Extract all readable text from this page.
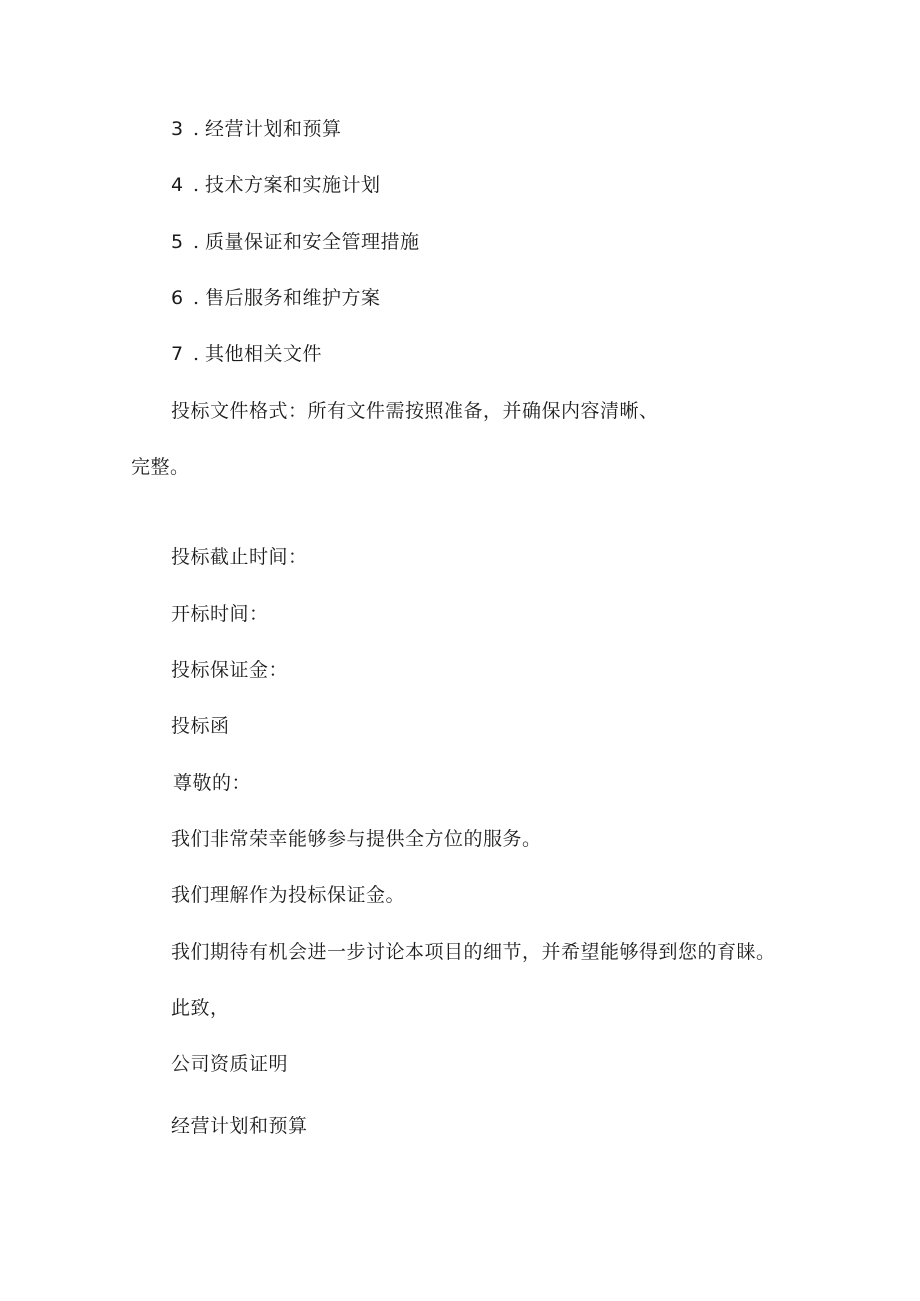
3 . 经营计划和预算
4 . 技术方案和实施计划
5 . 质量保证和安全管理措施
6 . 售后服务和维护方案
7 . 其他相关文件
投标文件格式：所有文件需按照准备，并确保内容清晰、
完整。
投标截止时间：
开标时间：
投标保证金：
投标函
尊敬的：
我们非常荣幸能够参与提供全方位的服务。
我们理解作为投标保证金。
我们期待有机会进一步讨论本项目的细节，并希望能够得到您的育睐。
此致，
公司资质证明
经营计划和预算
